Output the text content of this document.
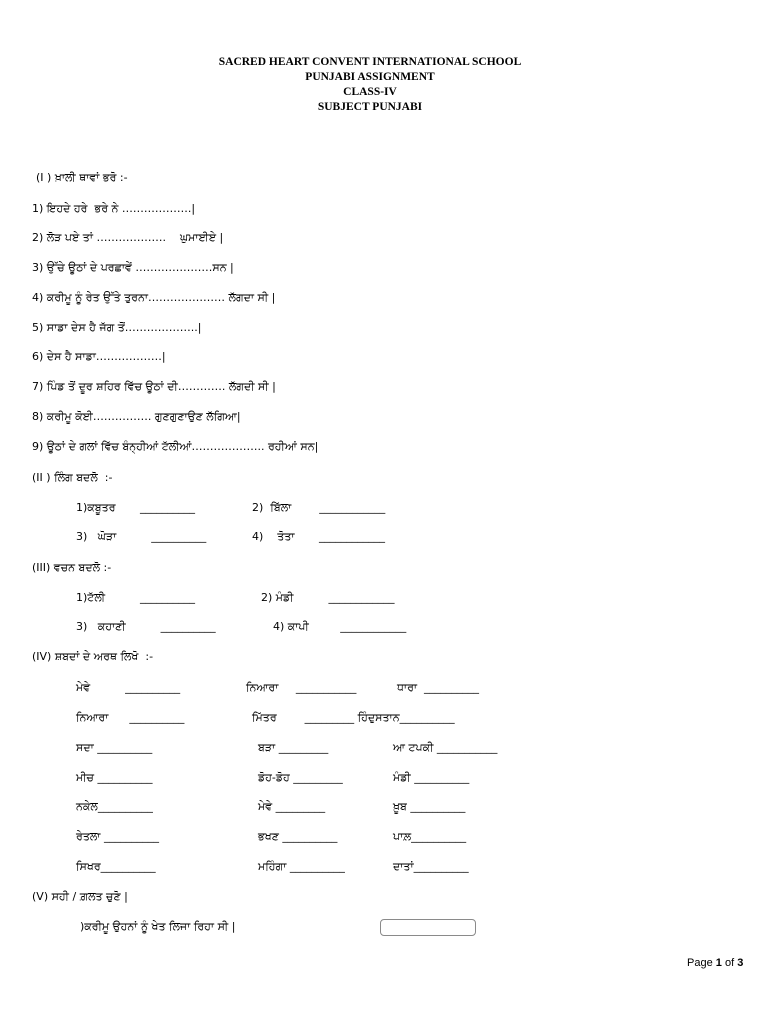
SACRED HEART CONVENT INTERNATIONAL SCHOOL
PUNJABI ASSIGNMENT
CLASS-IV
SUBJECT PUNJABI
(I ) ਖ਼ਾਲੀ ਥਾਵਾਂ ਭਰੋ :-
1) ਇਹਦੇ ਹਰੇ  ਭਰੇ ਨੇ ……………….|
2) ਲੋੜ ਪਏ ਤਾਂ ……………….    ਘੁਮਾਈਏ |
3) ਉੱਚੇ ਊਠਾਂ ਦੇ ਪਰਛਾਵੇਂ …………………ਸਨ |
4) ਕਰੀਮੂ ਨੂੰ ਰੇਤ ਉੱਤੇ ਤੁਰਨਾ………………… ਲੱਗਦਾ ਸੀ |
5) ਸਾਡਾ ਦੇਸ ਹੈ ਜੱਗ ਤੋਂ………………..|
6) ਦੇਸ ਹੈ ਸਾਡਾ………………|
7) ਪਿੰਡ ਤੋਂ ਦੂਰ ਸ਼ਹਿਰ ਵਿੱਚ ਊਠਾਂ ਦੀ…………. ਲੱਗਦੀ ਸੀ |
8) ਕਰੀਮੂ ਕੋਈ……………. ਗੁਣਗੁਣਾਉਣ ਲੱਗਿਆ|
9) ਊਠਾਂ ਦੇ ਗਲਾਂ ਵਿੱਚ ਬੰਨ੍ਹੀਆਂ ਟੱਲੀਆਂ……………….. ਰਹੀਆਂ ਸਨ|
(II ) ਲਿੰਗ ਬਦਲੋ  :-
1)ਕਬੂਤਰ       __________	2)  ਬਿੱਲਾ        ____________
3)   ਘੋੜਾ          __________	4)    ਤੋਤਾ       ____________
(III) ਵਚਨ ਬਦਲੋ :-
1)ਟੱਲੀ          __________	2) ਮੰਡੀ          ____________
3)   ਕਹਾਣੀ          __________	4) ਕਾਪੀ         ____________
(IV) ਸ਼ਬਦਾਂ ਦੇ ਅਰਥ ਲਿਖੋ  :-
ਮੇਵੇ          __________	ਨਿਆਰਾ     ___________	ਧਾਰਾ  __________
ਨਿਆਰਾ      __________	ਮਿੱਤਰ        _________ ਹਿੰਦੁਸਤਾਨ__________
ਸਦਾ __________	ਬੜਾ _________	ਆ ਟਪਕੀ ___________
ਮੀਚ __________	ਡੋਹ-ਡੋਹ _________	ਮੰਡੀ __________
ਨਕੇਲ__________	ਮੇਵੇ _________	ਖ਼ੂਬ __________
ਰੇਤਲਾ __________	ਭਖਣ __________	ਪਾਲ਼__________
ਸਿਖਰ__________	ਮਹਿੰਗਾ __________	ਦਾਤਾਂ__________
(V) ਸਹੀ / ਗ਼ਲਤ ਚੁਣੋ |
)ਕਰੀਮੂ ਉਹਨਾਂ ਨੂੰ ਖੇਤ ਲਿਜਾ ਰਿਹਾ ਸੀ |
Page 1 of 3
